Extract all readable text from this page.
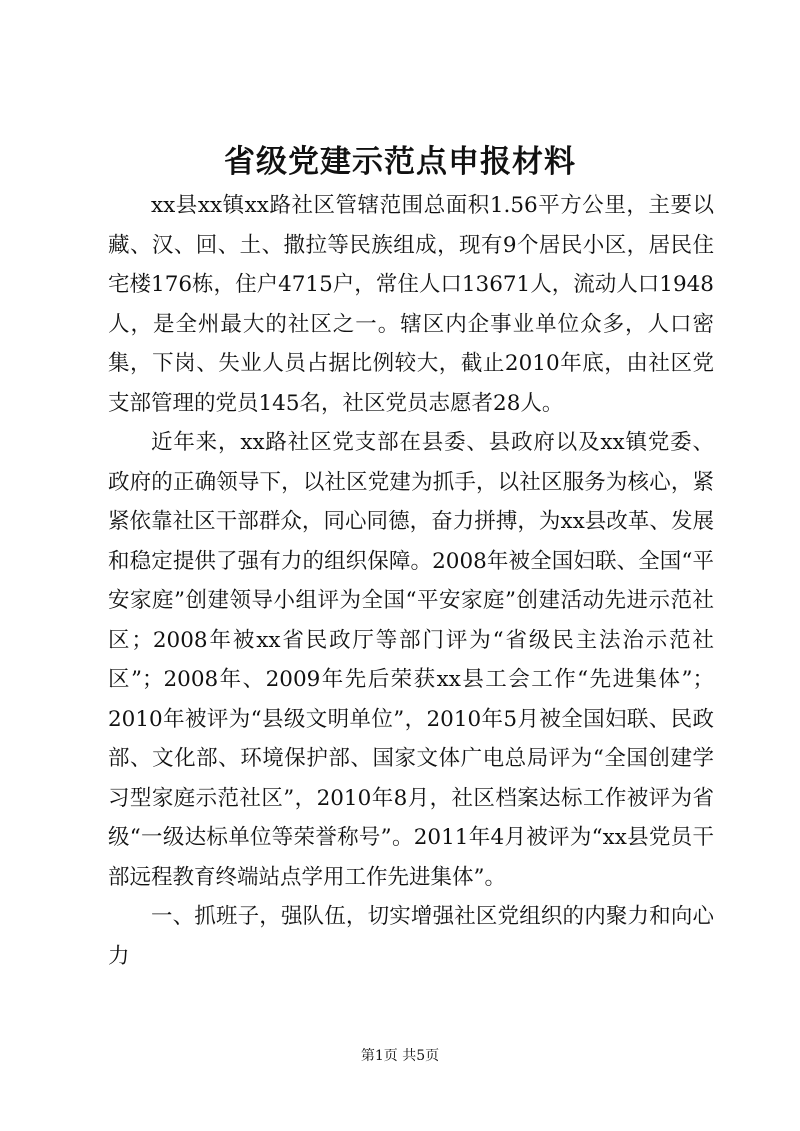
省级党建示范点申报材料

xx县xx镇xx路社区管辖范围总面积1.56平方公里，主要以藏、汉、回、土、撒拉等民族组成，现有9个居民小区，居民住宅楼176栋，住户4715户，常住人口13671人，流动人口1948人，是全州最大的社区之一。辖区内企事业单位众多，人口密集，下岗、失业人员占据比例较大，截止2010年底，由社区党支部管理的党员145名，社区党员志愿者28人。

近年来，xx路社区党支部在县委、县政府以及xx镇党委、政府的正确领导下，以社区党建为抓手，以社区服务为核心，紧紧依靠社区干部群众，同心同德，奋力拼搏，为xx县改革、发展和稳定提供了强有力的组织保障。2008年被全国妇联、全国“平安家庭”创建领导小组评为全国“平安家庭”创建活动先进示范社区；2008年被xx省民政厅等部门评为“省级民主法治示范社区”；2008年、2009年先后荣获xx县工会工作“先进集体”；2010年被评为“县级文明单位”，2010年5月被全国妇联、民政部、文化部、环境保护部、国家文体广电总局评为“全国创建学习型家庭示范社区”，2010年8月，社区档案达标工作被评为省级“一级达标单位等荣誉称号”。2011年4月被评为“xx县党员干部远程教育终端站点学用工作先进集体”。

一、抓班子，强队伍，切实增强社区党组织的内聚力和向心力

第1页 共5页
